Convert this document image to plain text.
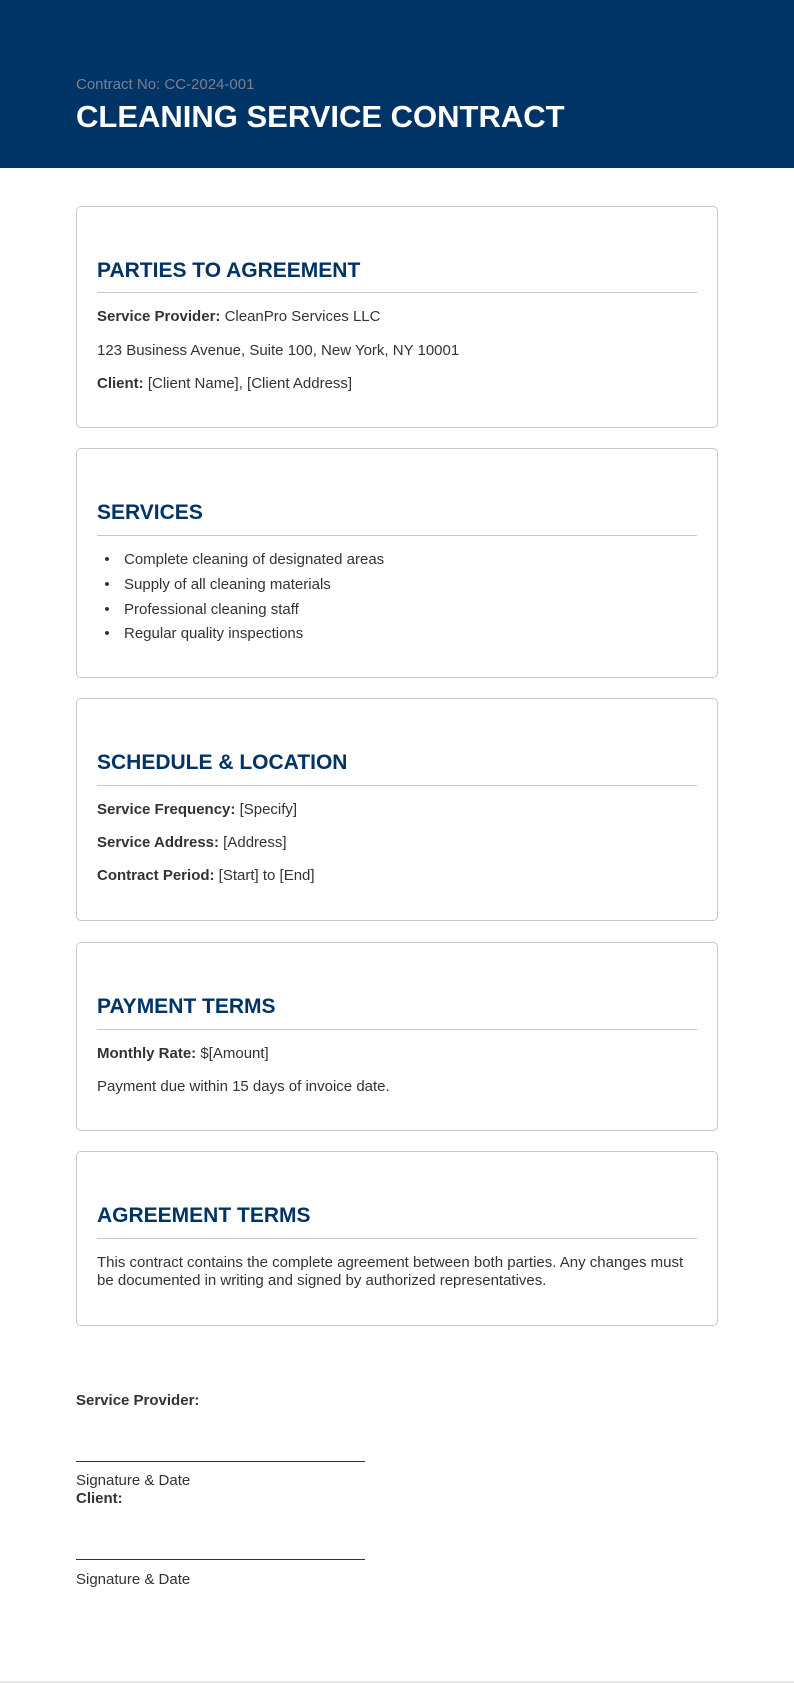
Contract No: CC-2024-001
CLEANING SERVICE CONTRACT
PARTIES TO AGREEMENT
Service Provider: CleanPro Services LLC
123 Business Avenue, Suite 100, New York, NY 10001
Client: [Client Name], [Client Address]
SERVICES
• Complete cleaning of designated areas
• Supply of all cleaning materials
• Professional cleaning staff
• Regular quality inspections
SCHEDULE & LOCATION
Service Frequency: [Specify]
Service Address: [Address]
Contract Period: [Start] to [End]
PAYMENT TERMS
Monthly Rate: $[Amount]
Payment due within 15 days of invoice date.
AGREEMENT TERMS
This contract contains the complete agreement between both parties. Any changes must be documented in writing and signed by authorized representatives.
Service Provider:
Signature & Date
Client:
Signature & Date
